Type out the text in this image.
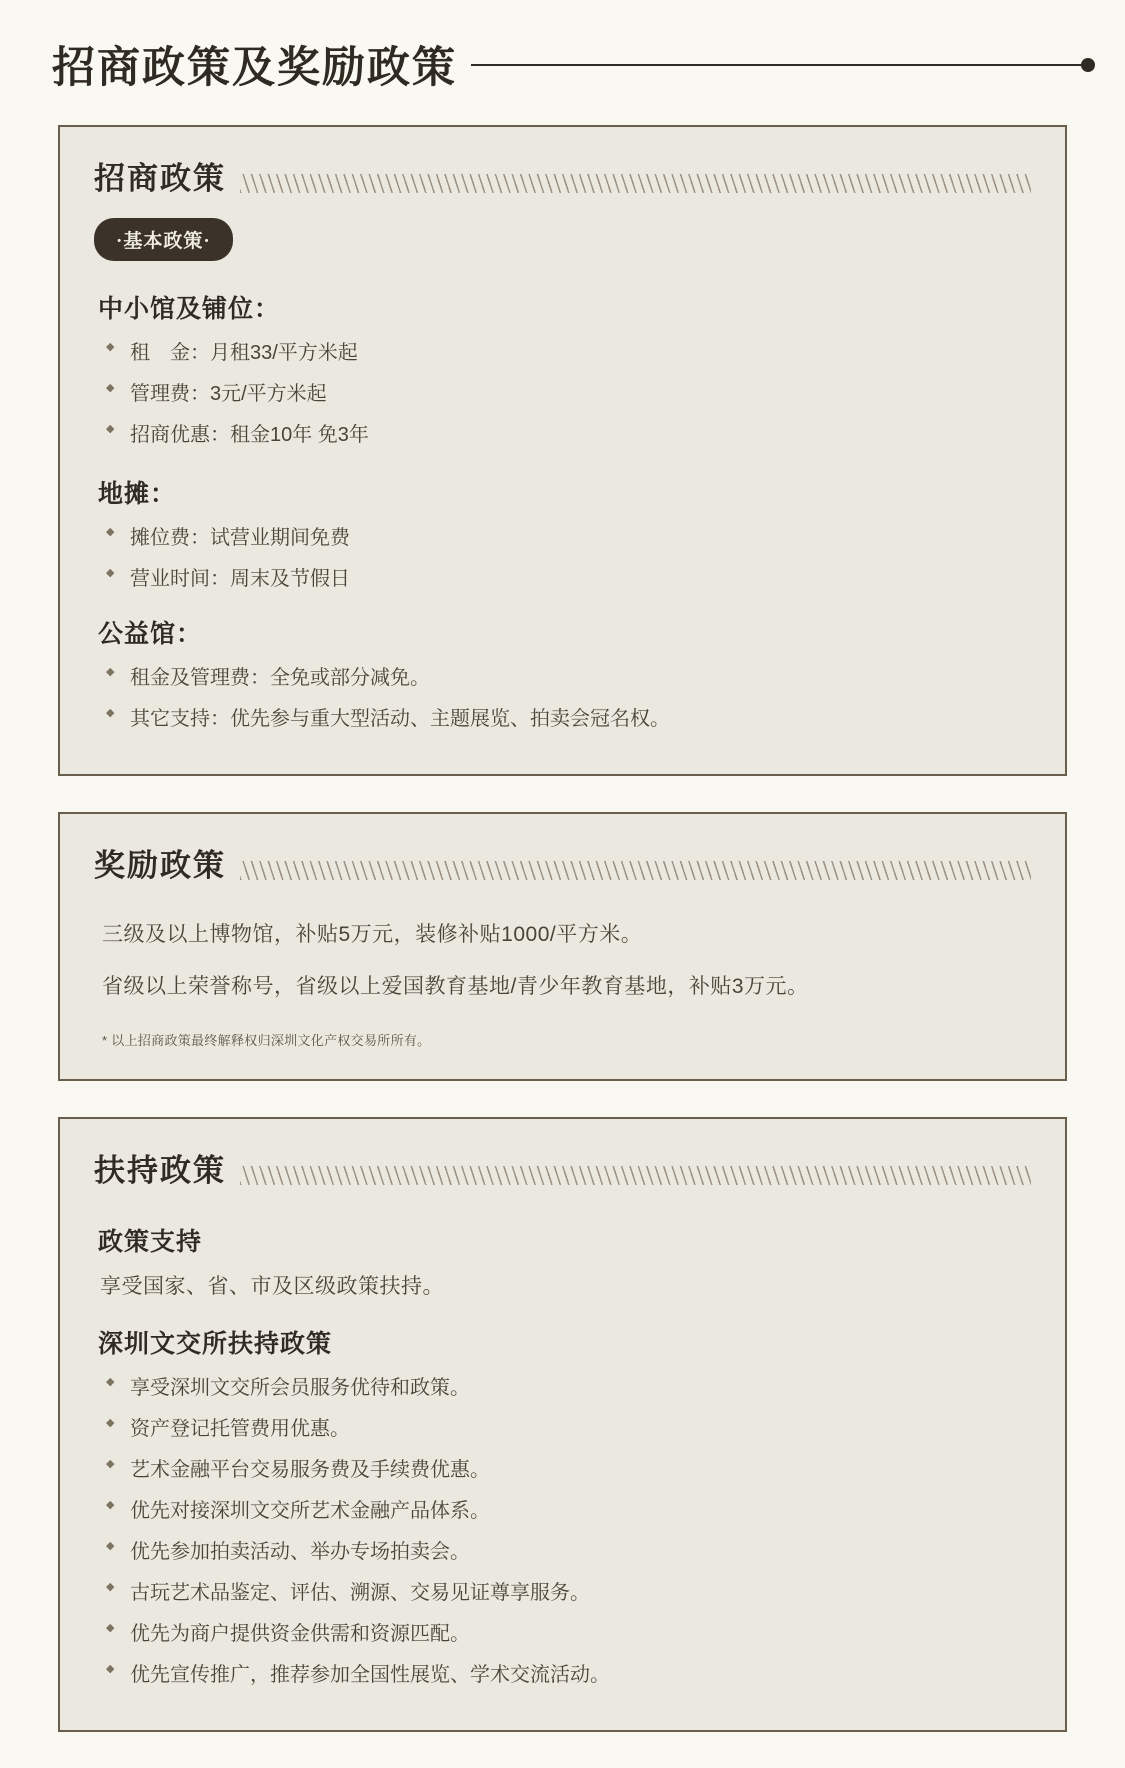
招商政策及奖励政策
招商政策
·基本政策·
中小馆及铺位：
◆ 租　金：月租33/平方米起
◆ 管理费：3元/平方米起
◆ 招商优惠：租金10年 免3年
地摊：
◆ 摊位费：试营业期间免费
◆ 营业时间：周末及节假日
公益馆：
◆ 租金及管理费：全免或部分减免。
◆ 其它支持：优先参与重大型活动、主题展览、拍卖会冠名权。
奖励政策
三级及以上博物馆，补贴5万元，装修补贴1000/平方米。
省级以上荣誉称号，省级以上爱国教育基地/青少年教育基地，补贴3万元。
* 以上招商政策最终解释权归深圳文化产权交易所所有。
扶持政策
政策支持
享受国家、省、市及区级政策扶持。
深圳文交所扶持政策
◆ 享受深圳文交所会员服务优待和政策。
◆ 资产登记托管费用优惠。
◆ 艺术金融平台交易服务费及手续费优惠。
◆ 优先对接深圳文交所艺术金融产品体系。
◆ 优先参加拍卖活动、举办专场拍卖会。
◆ 古玩艺术品鉴定、评估、溯源、交易见证尊享服务。
◆ 优先为商户提供资金供需和资源匹配。
◆ 优先宣传推广，推荐参加全国性展览、学术交流活动。
